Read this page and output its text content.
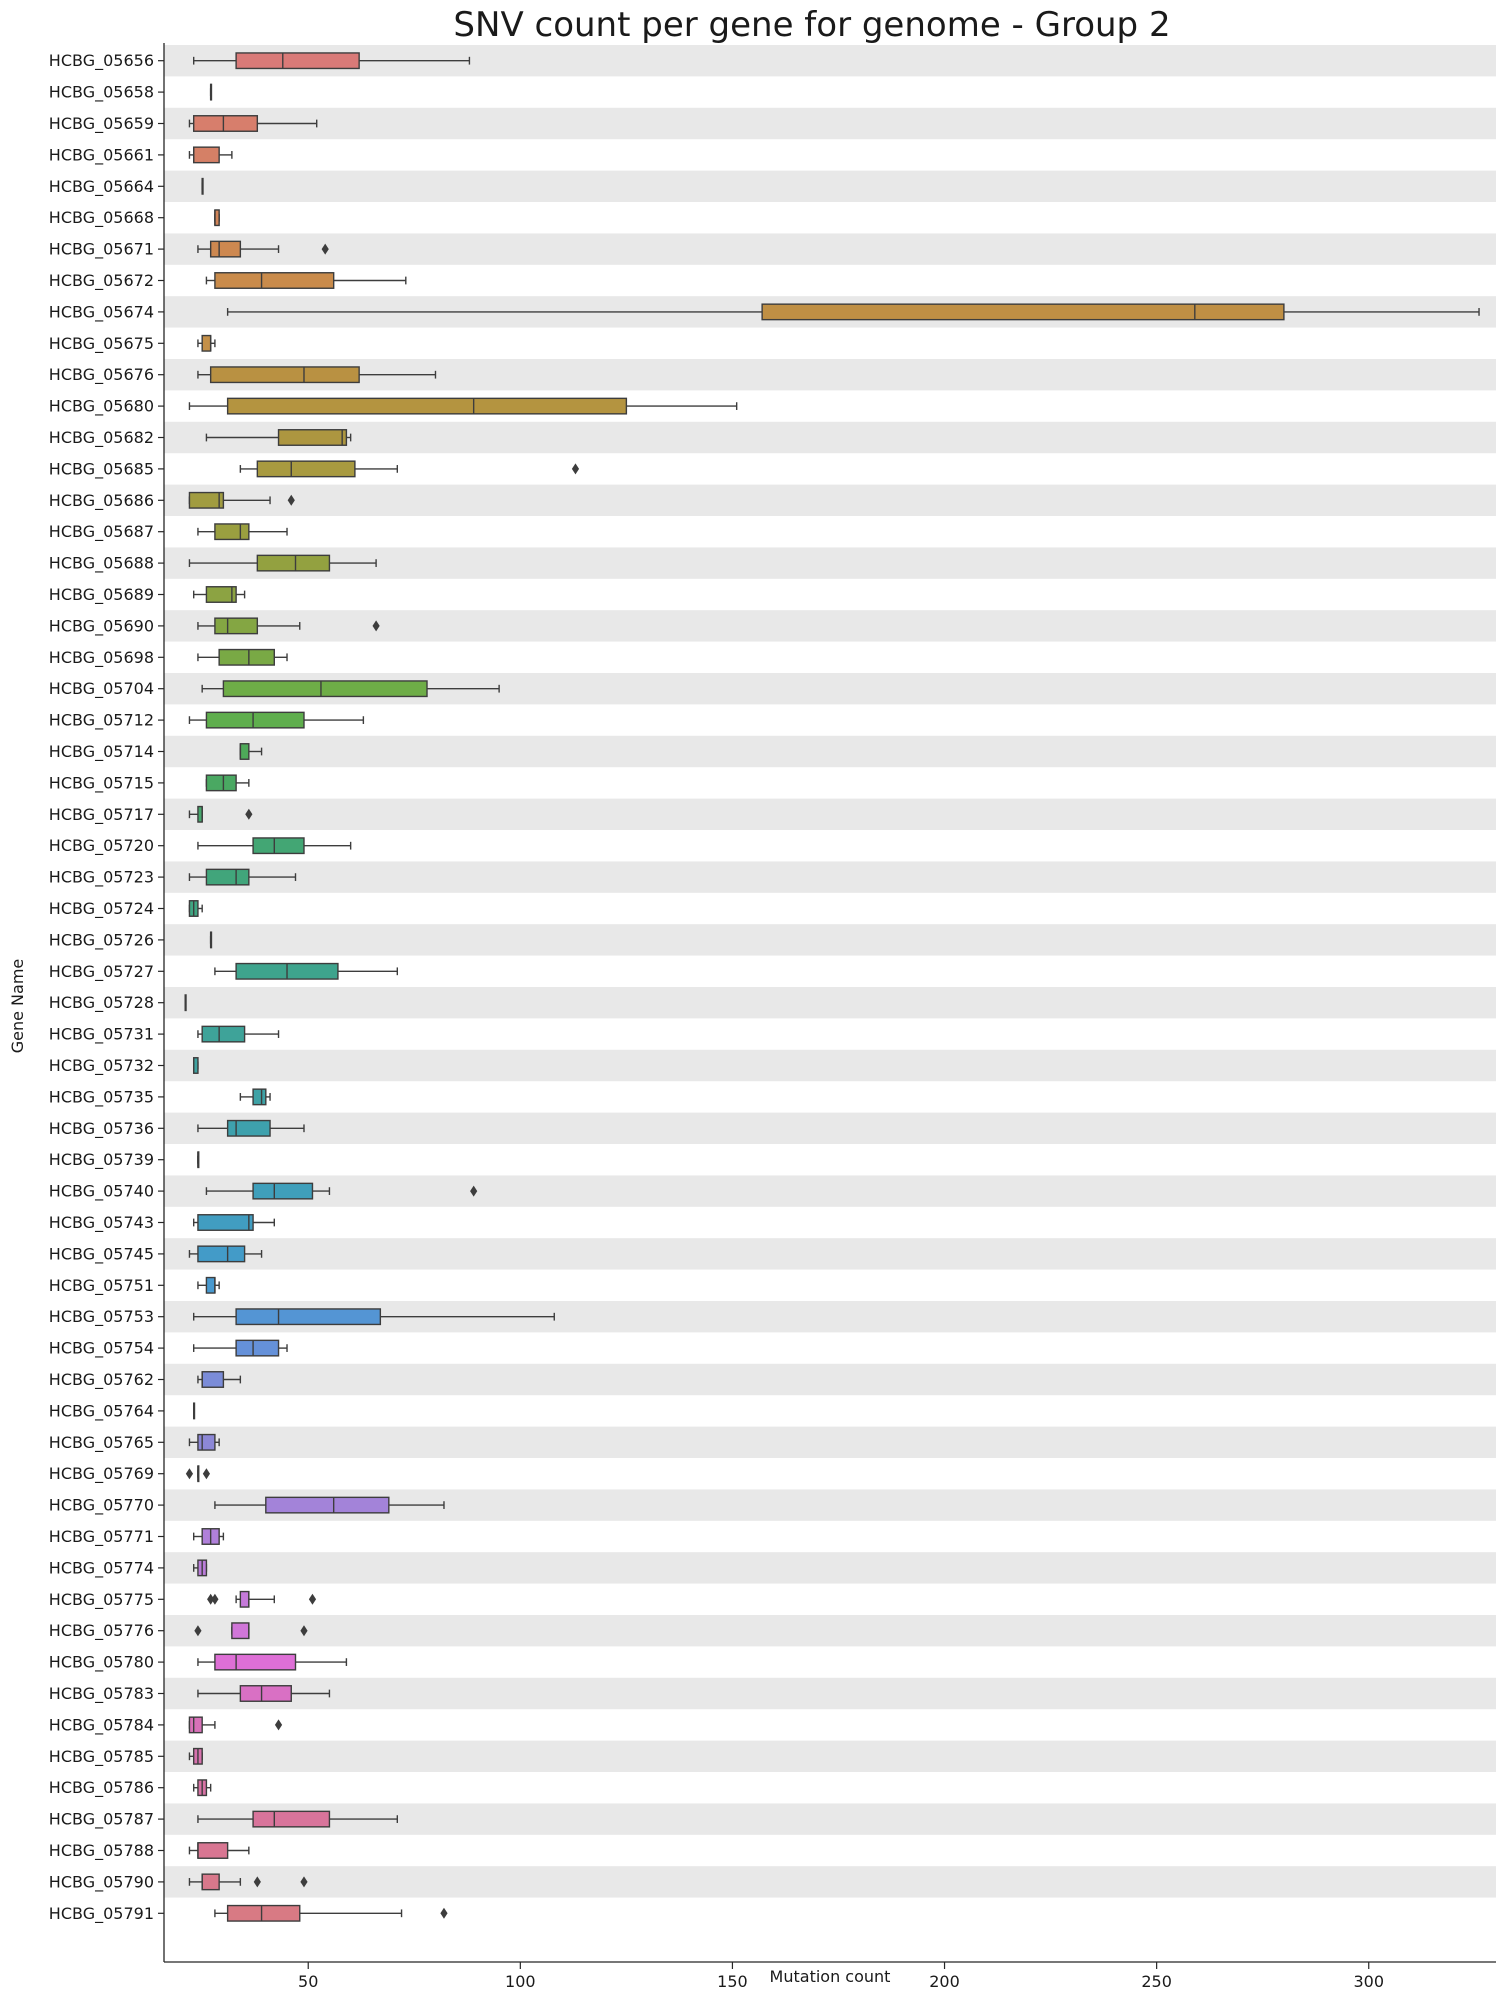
HCBG_05656
HCBG_05658
HCBG_05659
HCBG_05661
HCBG_05664
HCBG_05668
HCBG_05671
HCBG_05672
HCBG_05674
HCBG_05675
HCBG_05676
HCBG_05680
HCBG_05682
HCBG_05685
HCBG_05686
HCBG_05687
HCBG_05688
HCBG_05689
HCBG_05690
HCBG_05698
HCBG_05704
HCBG_05712
HCBG_05714
HCBG_05715
HCBG_05717
HCBG_05720
HCBG_05723
HCBG_05724
HCBG_05726
HCBG_05727
HCBG_05728
HCBG_05731
HCBG_05732
HCBG_05735
HCBG_05736
HCBG_05739
HCBG_05740
HCBG_05743
HCBG_05745
HCBG_05751
HCBG_05753
HCBG_05754
HCBG_05762
HCBG_05764
HCBG_05765
HCBG_05769
HCBG_05770
HCBG_05771
HCBG_05774
HCBG_05775
HCBG_05776
HCBG_05780
HCBG_05783
HCBG_05784
HCBG_05785
HCBG_05786
HCBG_05787
HCBG_05788
HCBG_05790
HCBG_05791
50	100	150	200	250	300
SNV count per gene for genome - Group 2
Mutation count
Gene Name
